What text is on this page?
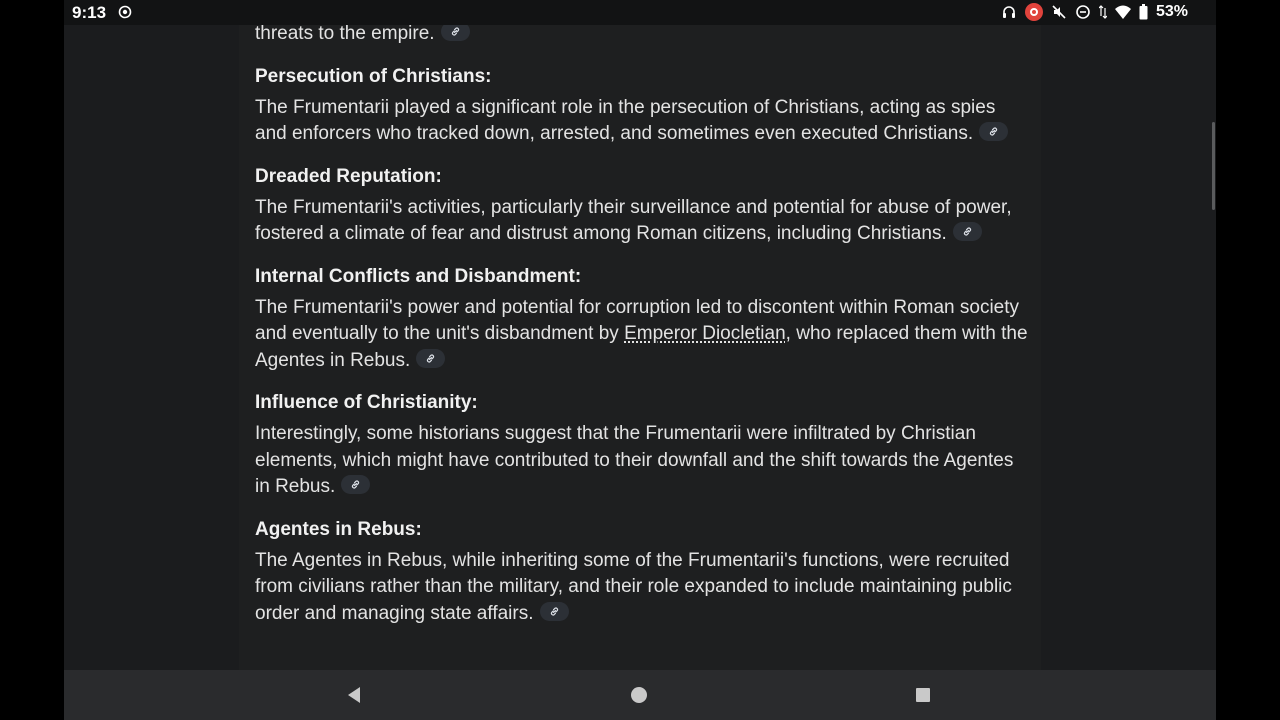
9:13	53%

threats to the empire.

Persecution of Christians:

The Frumentarii played a significant role in the persecution of Christians, acting as spies and enforcers who tracked down, arrested, and sometimes even executed Christians.

Dreaded Reputation:

The Frumentarii's activities, particularly their surveillance and potential for abuse of power, fostered a climate of fear and distrust among Roman citizens, including Christians.

Internal Conflicts and Disbandment:

The Frumentarii's power and potential for corruption led to discontent within Roman society and eventually to the unit's disbandment by Emperor Diocletian, who replaced them with the Agentes in Rebus.

Influence of Christianity:

Interestingly, some historians suggest that the Frumentarii were infiltrated by Christian elements, which might have contributed to their downfall and the shift towards the Agentes in Rebus.

Agentes in Rebus:

The Agentes in Rebus, while inheriting some of the Frumentarii's functions, were recruited from civilians rather than the military, and their role expanded to include maintaining public order and managing state affairs.
